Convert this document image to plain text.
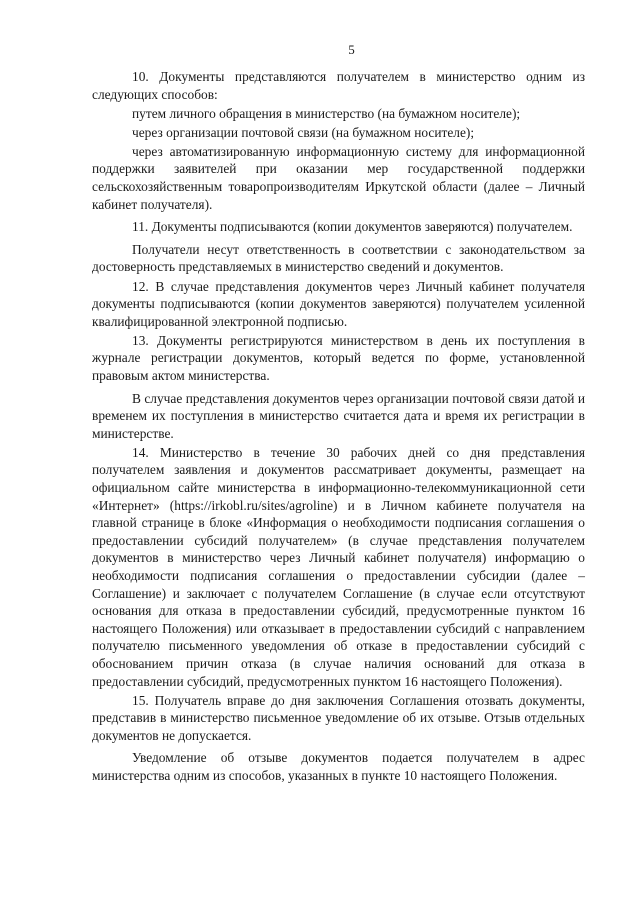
5

10. Документы представляются получателем в министерство одним из следующих способов:

путем личного обращения в министерство (на бумажном носителе);

через организации почтовой связи (на бумажном носителе);

через автоматизированную информационную систему для информационной поддержки заявителей при оказании мер государственной поддержки сельскохозяйственным товаропроизводителям Иркутской области (далее – Личный кабинет получателя).

11. Документы подписываются (копии документов заверяются) получателем.

Получатели несут ответственность в соответствии с законодательством за достоверность представляемых в министерство сведений и документов.

12. В случае представления документов через Личный кабинет получателя документы подписываются (копии документов заверяются) получателем усиленной квалифицированной электронной подписью.

13. Документы регистрируются министерством в день их поступления в журнале регистрации документов, который ведется по форме, установленной правовым актом министерства.

В случае представления документов через организации почтовой связи датой и временем их поступления в министерство считается дата и время их регистрации в министерстве.

14. Министерство в течение 30 рабочих дней со дня представления получателем заявления и документов рассматривает документы, размещает на официальном сайте министерства в информационно-телекоммуникационной сети «Интернет» (https://irkobl.ru/sites/agroline) и в Личном кабинете получателя на главной странице в блоке «Информация о необходимости подписания соглашения о предоставлении субсидий получателем» (в случае представления получателем документов в министерство через Личный кабинет получателя) информацию о необходимости подписания соглашения о предоставлении субсидии (далее – Соглашение) и заключает с получателем Соглашение (в случае если отсутствуют основания для отказа в предоставлении субсидий, предусмотренные пунктом 16 настоящего Положения) или отказывает в предоставлении субсидий с направлением получателю письменного уведомления об отказе в предоставлении субсидий с обоснованием причин отказа (в случае наличия оснований для отказа в предоставлении субсидий, предусмотренных пунктом 16 настоящего Положения).

15. Получатель вправе до дня заключения Соглашения отозвать документы, представив в министерство письменное уведомление об их отзыве. Отзыв отдельных документов не допускается.

Уведомление об отзыве документов подается получателем в адрес министерства одним из способов, указанных в пункте 10 настоящего Положения.
